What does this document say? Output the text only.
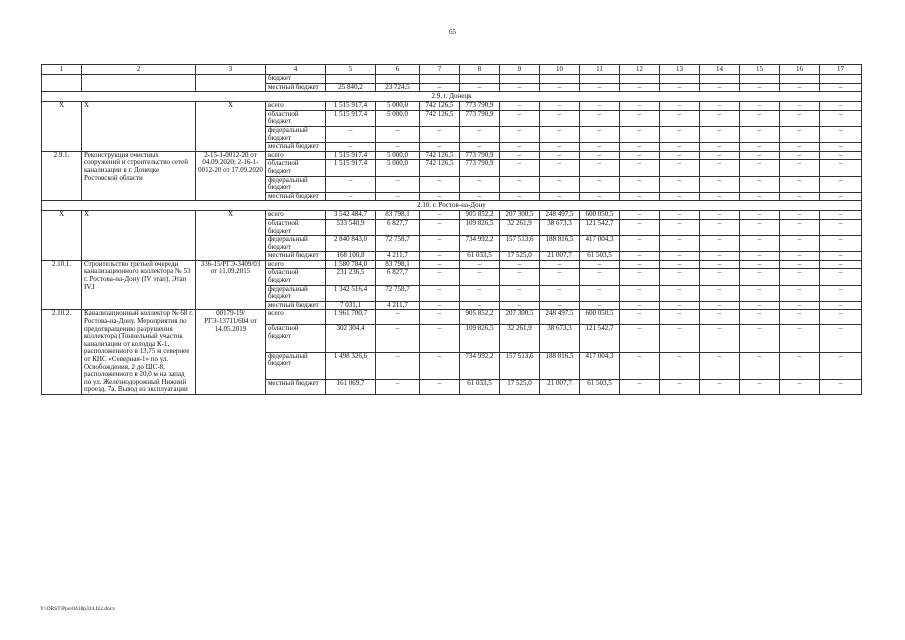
65
1	2	3	4	5	6	7	8	9	10	11	12	13	14	15	16	17
			бюджет													
			местный бюджет	25 840,2	23 724,5	–	–	–	–	–	–	–	–	–	–	–
2.9. г. Донецк																
X	X	X	всего	1 515 917,4	5 000,0	742 126,5	773 790,9	–	–	–	–	–	–	–	–	–
			областной бюджет	1 515 917,4	5 000,0	742 126,5	773 790,9	–	–	–	–	–	–	–	–	–
			федеральный бюджет	–	–	–	–	–	–	–	–	–	–	–	–	–
			местный бюджет	–	–	–	–	–	–	–	–	–	–	–	–	–
2.9.1.	Реконструкция очистных сооружений и строительство сетей канализации в г. Донецке Ростовской области	2-15-1-0012-20 от 04.09.2020; 2-16-1-0012-20 от 17.09.2020	всего	1 515 917,4	5 000,0	742 126,5	773 790,9	–	–	–	–	–	–	–	–	–
			областной бюджет	1 515 917,4	5 000,0	742 126,5	773 790,9	–	–	–	–	–	–	–	–	–
			федеральный бюджет	–	–	–	–	–	–	–	–	–	–	–	–	–
			местный бюджет	–	–	–	–	–	–	–	–	–	–	–	–	–
2.10. г. Ростов-на-Дону																
X	X	X	всего	3 542 484,7	83 798,1	–	905 852,2	207 300,5	248 497,5	600 050,5	–	–	–	–	–	–
			областной бюджет	533 540,9	6 827,7	–	109 826,5	32 261,9	38 673,3	121 542,7	–	–	–	–	–	–
			федеральный бюджет	2 840 843,0	72 758,7	–	734 992,2	157 513,6	188 816,5	417 004,3	–	–	–	–	–	–
			местный бюджет	168 100,8	4 211,7	–	61 033,5	17 525,0	21 007,7	61 503,5	–	–	–	–	–	–
2.10.1.	Строительство третьей очереди канализационного коллектора № 53 г. Ростова-на-Дону (IV этап). Этап IV.I	336-15/РГЭ-3409/03 от 11.09.2015	всего	1 580 784,0	83 798,1	–	–	–	–	–	–	–	–	–	–	–
			областной бюджет	231 236,5	6 827,7	–	–	–	–	–	–	–	–	–	–	–
			федеральный бюджет	1 342 516,4	72 758,7	–	–	–	–	–	–	–	–	–	–	–
			местный бюджет	7 031,1	4 211,7	–	–	–	–	–	–	–	–	–	–	–
2.10.2.	Канализационный коллектор № 68 г. Ростова-на-Дону. Мероприятия по предотвращению разрушения коллектора (Тоннельный участок канализации от колодца К-1, расположенного в 13,75 м севернее от КНС «Северная-1» по ул. Освобождения, 2 до ШС-8, расположенного в 20,0 м на запад по ул. Железнодорожный Нижний проезд, 7а. Вывод из эксплуатации	00179-19/РГЭ-13711/604 от 14.05.2019	всего	1 961 700,7	–	–	905 852,2	207 300,5	248 497,5	600 050,5	–	–	–	–	–	–
			областной бюджет	302 304,4	–	–	109 826,5	32 261,9	38 673,3	121 542,7	–	–	–	–	–	–
			федеральный бюджет	1 498 326,6	–	–	734 992,2	157 513,6	188 816,5	417 004,3	–	–	–	–	–	–
			местный бюджет	161 069,7	–	–	61 033,5	17 525,0	21 007,7	61 503,5	–	–	–	–	–	–
Y:\ORST\Ppo\0418p324.f22.docx
